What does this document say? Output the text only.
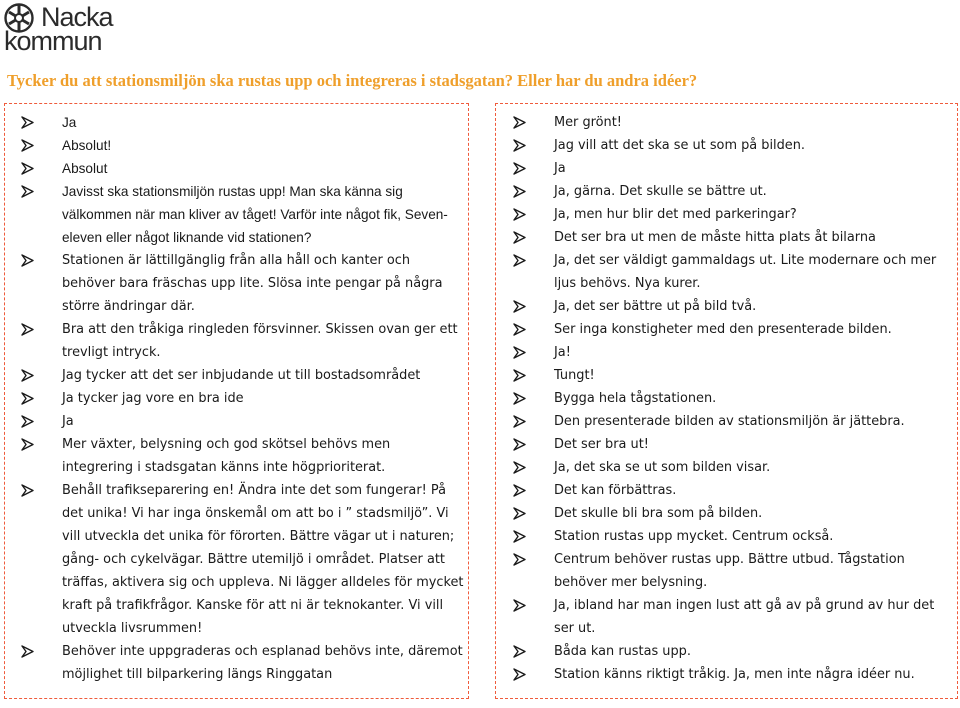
Nacka
kommun
Tycker du att stationsmiljön ska rustas upp och integreras i stadsgatan? Eller har du andra idéer?
Ja
Absolut!
Absolut
Javisst ska stationsmiljön rustas upp! Man ska känna sig välkommen när man kliver av tåget! Varför inte något fik, Seven-eleven eller något liknande vid stationen?
Stationen är lättillgänglig från alla håll och kanter och behöver bara fräschas upp lite. Slösa inte pengar på några större ändringar där.
Bra att den tråkiga ringleden försvinner. Skissen ovan ger ett trevligt intryck.
Jag tycker att det ser inbjudande ut till bostadsområdet
Ja tycker jag vore en bra ide
Ja
Mer växter, belysning och god skötsel behövs men integrering i stadsgatan känns inte högprioriterat.
Behåll trafikseparering en! Ändra inte det som fungerar! På det unika! Vi har inga önskemål om att bo i ” stadsmiljö”. Vi vill utveckla det unika för förorten. Bättre vägar ut i naturen; gång- och cykelvägar. Bättre utemiljö i området. Platser att träffas, aktivera sig och uppleva. Ni lägger alldeles för mycket kraft på trafikfrågor. Kanske för att ni är teknokanter. Vi vill utveckla livsrummen!
Behöver inte uppgraderas och esplanad behövs inte, däremot möjlighet till bilparkering längs Ringgatan
Mer grönt!
Jag vill att det ska se ut som på bilden.
Ja
Ja, gärna. Det skulle se bättre ut.
Ja, men hur blir det med parkeringar?
Det ser bra ut men de måste hitta plats åt bilarna
Ja, det ser väldigt gammaldags ut. Lite modernare och mer ljus behövs. Nya kurer.
Ja, det ser bättre ut på bild två.
Ser inga konstigheter med den presenterade bilden.
Ja!
Tungt!
Bygga hela tågstationen.
Den presenterade bilden av stationsmiljön är jättebra.
Det ser bra ut!
Ja, det ska se ut som bilden visar.
Det kan förbättras.
Det skulle bli bra som på bilden.
Station rustas upp mycket. Centrum också.
Centrum behöver rustas upp. Bättre utbud. Tågstation behöver mer belysning.
Ja, ibland har man ingen lust att gå av på grund av hur det ser ut.
Båda kan rustas upp.
Station känns riktigt tråkig. Ja, men inte några idéer nu.
